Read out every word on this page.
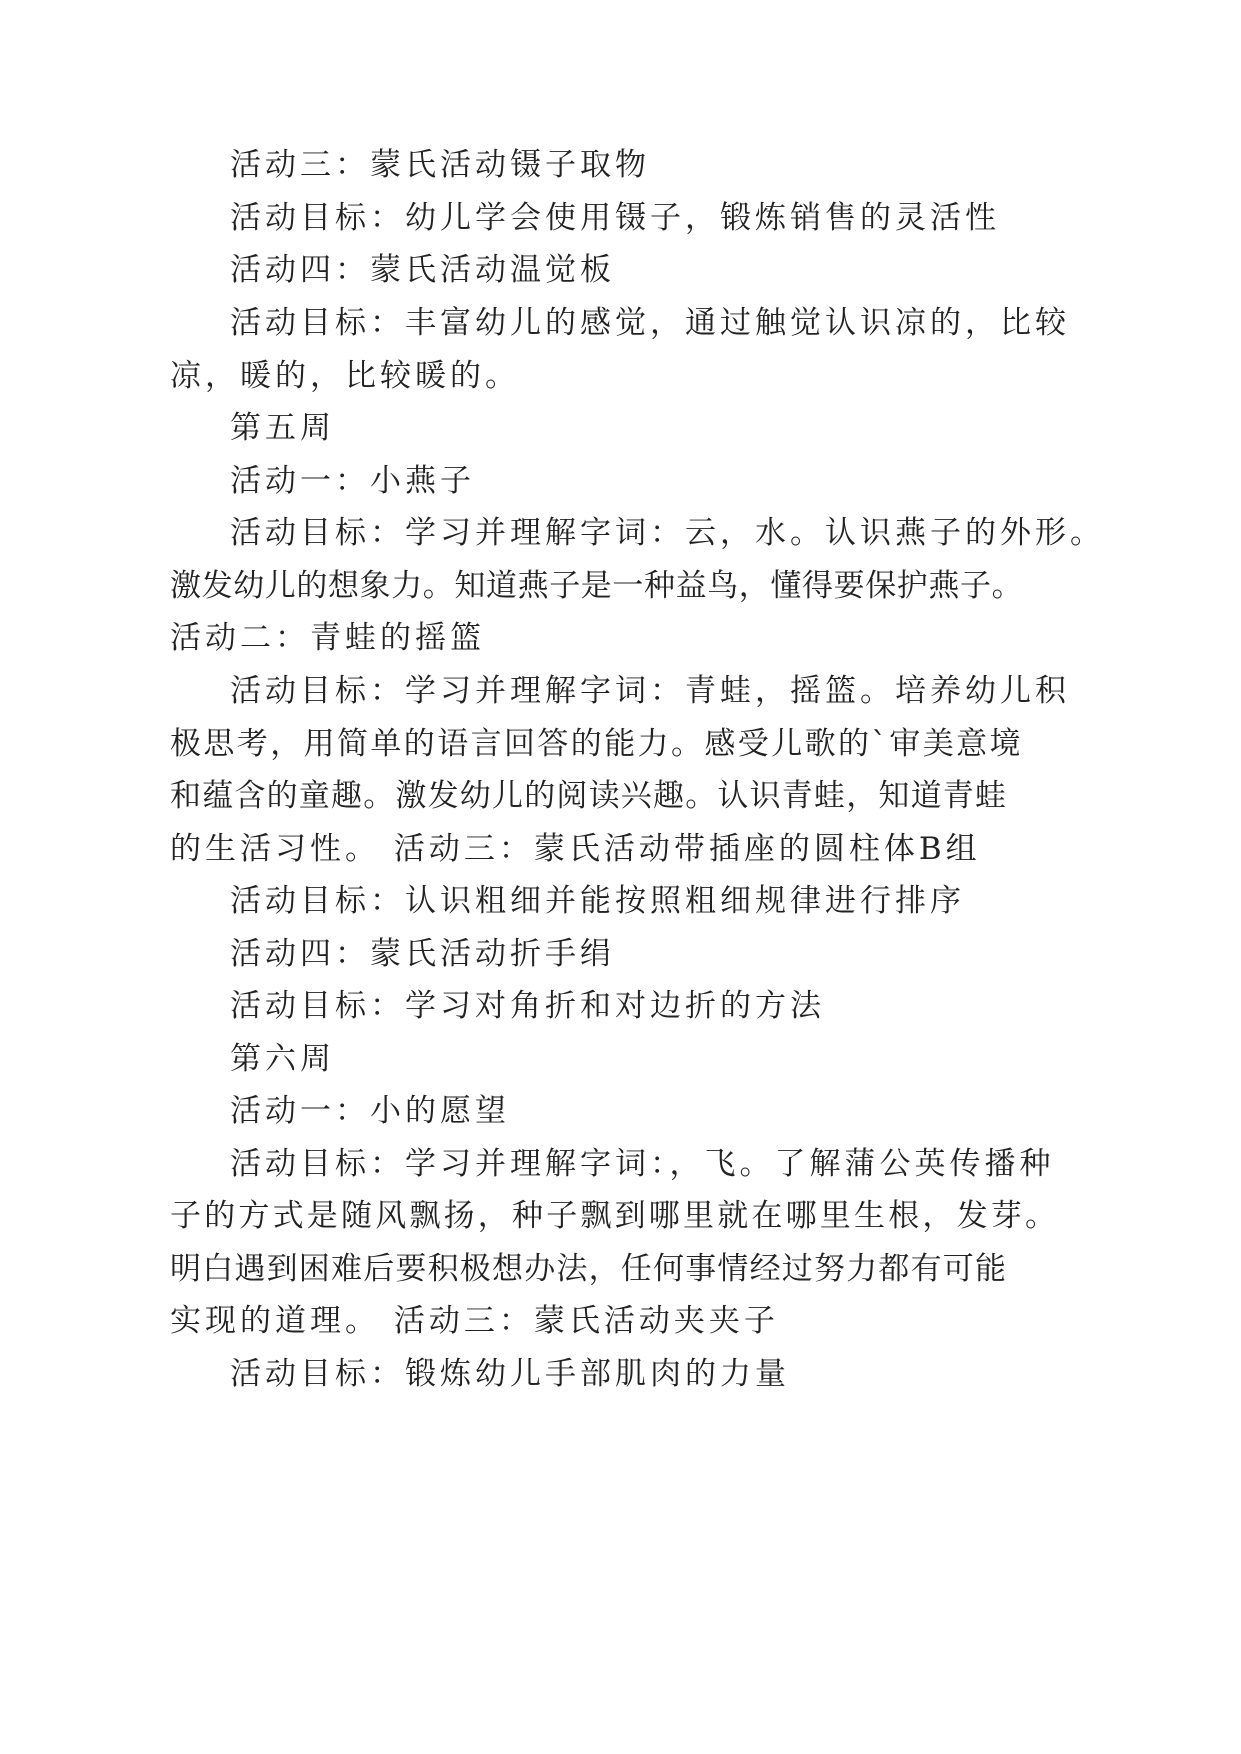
活动三：蒙氏活动镊子取物
活动目标：幼儿学会使用镊子，锻炼销售的灵活性
活动四：蒙氏活动温觉板
活动目标：丰富幼儿的感觉，通过触觉认识凉的，比较
凉，暖的，比较暖的。
第五周
活动一：小燕子
活动目标：学习并理解字词：云，水。认识燕子的外形。
激发幼儿的想象力。知道燕子是一种益鸟，懂得要保护燕子。
活动二：青蛙的摇篮
活动目标：学习并理解字词：青蛙，摇篮。培养幼儿积
极思考，用简单的语言回答的能力。感受儿歌的`审美意境
和蕴含的童趣。激发幼儿的阅读兴趣。认识青蛙，知道青蛙
的生活习性。 活动三：蒙氏活动带插座的圆柱体B组
活动目标：认识粗细并能按照粗细规律进行排序
活动四：蒙氏活动折手绢
活动目标：学习对角折和对边折的方法
第六周
活动一：小的愿望
活动目标：学习并理解字词：，飞。了解蒲公英传播种
子的方式是随风飘扬，种子飘到哪里就在哪里生根，发芽。
明白遇到困难后要积极想办法，任何事情经过努力都有可能
实现的道理。 活动三：蒙氏活动夹夹子
活动目标：锻炼幼儿手部肌肉的力量
